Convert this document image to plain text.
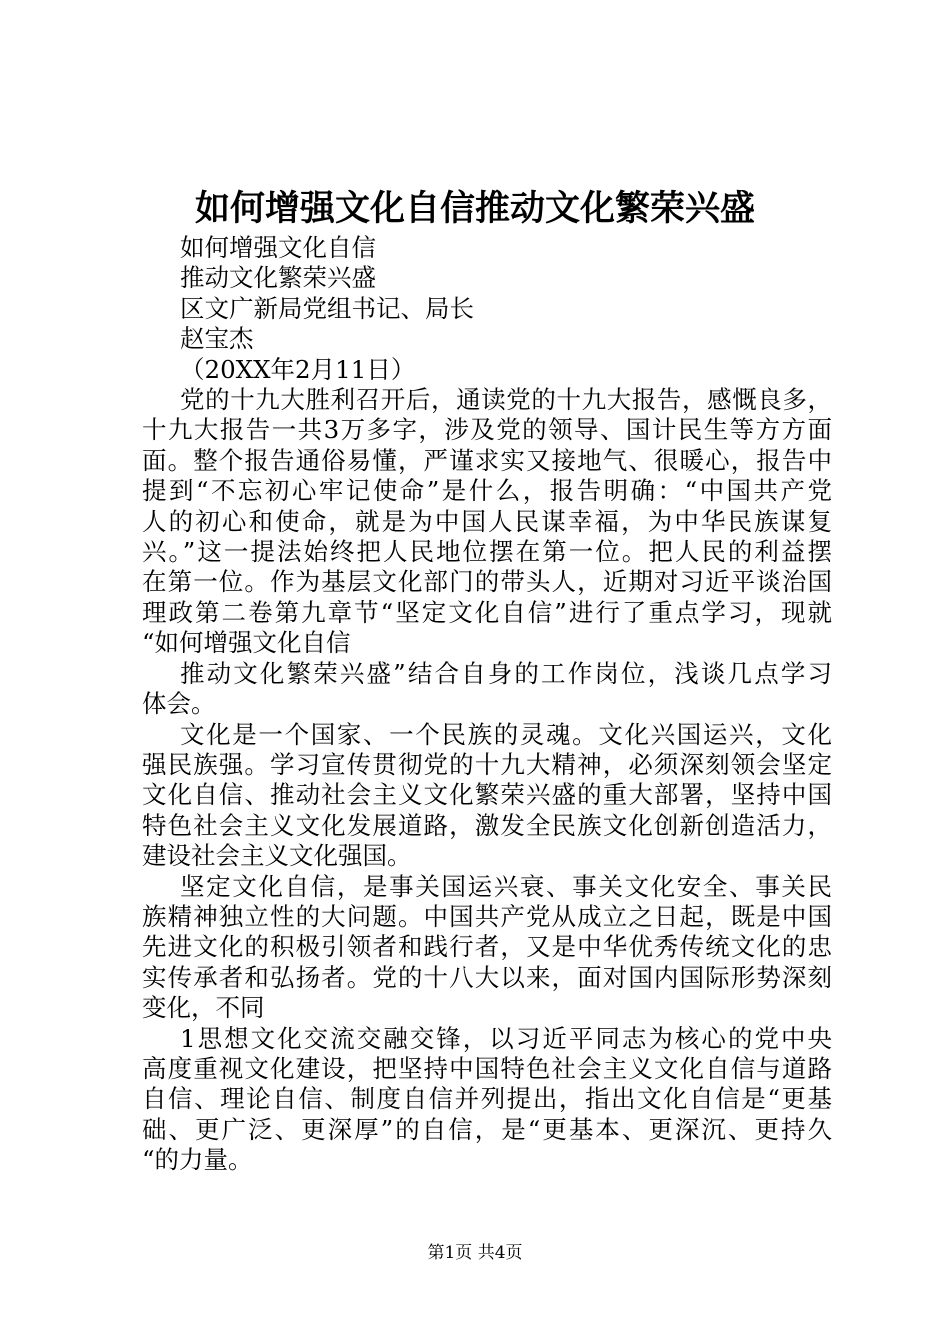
如何增强文化自信推动文化繁荣兴盛
如何增强文化自信
推动文化繁荣兴盛
区文广新局党组书记、局长
赵宝杰
（20XX年2月11日）
党的十九大胜利召开后，通读党的十九大报告，感慨良多，
十九大报告一共3万多字，涉及党的领导、国计民生等方方面
面。整个报告通俗易懂，严谨求实又接地气、很暖心，报告中
提到“不忘初心牢记使命”是什么，报告明确：“中国共产党
人的初心和使命，就是为中国人民谋幸福，为中华民族谋复
兴。”这一提法始终把人民地位摆在第一位。把人民的利益摆
在第一位。作为基层文化部门的带头人，近期对习近平谈治国
理政第二卷第九章节“坚定文化自信”进行了重点学习，现就
“如何增强文化自信
推动文化繁荣兴盛”结合自身的工作岗位，浅谈几点学习
体会。
文化是一个国家、一个民族的灵魂。文化兴国运兴，文化
强民族强。学习宣传贯彻党的十九大精神，必须深刻领会坚定
文化自信、推动社会主义文化繁荣兴盛的重大部署，坚持中国
特色社会主义文化发展道路，激发全民族文化创新创造活力，
建设社会主义文化强国。
坚定文化自信，是事关国运兴衰、事关文化安全、事关民
族精神独立性的大问题。中国共产党从成立之日起，既是中国
先进文化的积极引领者和践行者，又是中华优秀传统文化的忠
实传承者和弘扬者。党的十八大以来，面对国内国际形势深刻
变化，不同
1思想文化交流交融交锋，以习近平同志为核心的党中央
高度重视文化建设，把坚持中国特色社会主义文化自信与道路
自信、理论自信、制度自信并列提出，指出文化自信是“更基
础、更广泛、更深厚”的自信，是“更基本、更深沉、更持久
“的力量。
第1页 共4页
